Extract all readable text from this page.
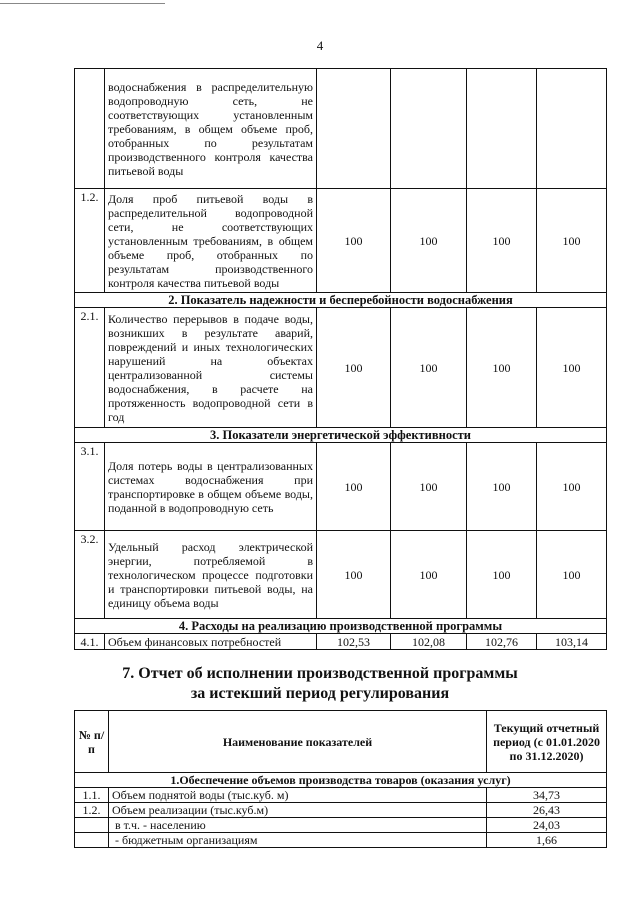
4
	водоснабжения в распределительную водопроводную сеть, не соответствующих установленным требованиям, в общем объеме проб, отобранных по результатам производственного контроля качества питьевой воды				
1.2.	Доля проб питьевой воды в распределительной водопроводной сети, не соответствующих установленным требованиям, в общем объеме проб, отобранных по результатам производственного контроля качества питьевой воды	100	100	100	100
2. Показатель надежности и бесперебойности водоснабжения					
2.1.	Количество перерывов в подаче воды, возникших в результате аварий, повреждений и иных технологических нарушений на объектах централизованной системы водоснабжения, в расчете на протяженность водопроводной сети в год	100	100	100	100
3. Показатели энергетической эффективности					
3.1.	Доля потерь воды в централизованных системах водоснабжения при транспортировке в общем объеме воды, поданной в водопроводную сеть	100	100	100	100
3.2.	Удельный расход электрической энергии, потребляемой в технологическом процессе подготовки и транспортировки питьевой воды, на единицу объема воды	100	100	100	100
4. Расходы на реализацию производственной программы					
4.1.	Объем финансовых потребностей	102,53	102,08	102,76	103,14
7. Отчет об исполнении производственной программы
за истекший период регулирования
№ п/п	Наименование показателей	Текущий отчетный период (с 01.01.2020 по 31.12.2020)
1.Обеспечение объемов производства товаров (оказания услуг)		
1.1.	Объем поднятой воды (тыс.куб. м)	34,73
1.2.	Объем реализации (тыс.куб.м)	26,43
	в т.ч. - населению	24,03
	- бюджетным организациям	1,66
